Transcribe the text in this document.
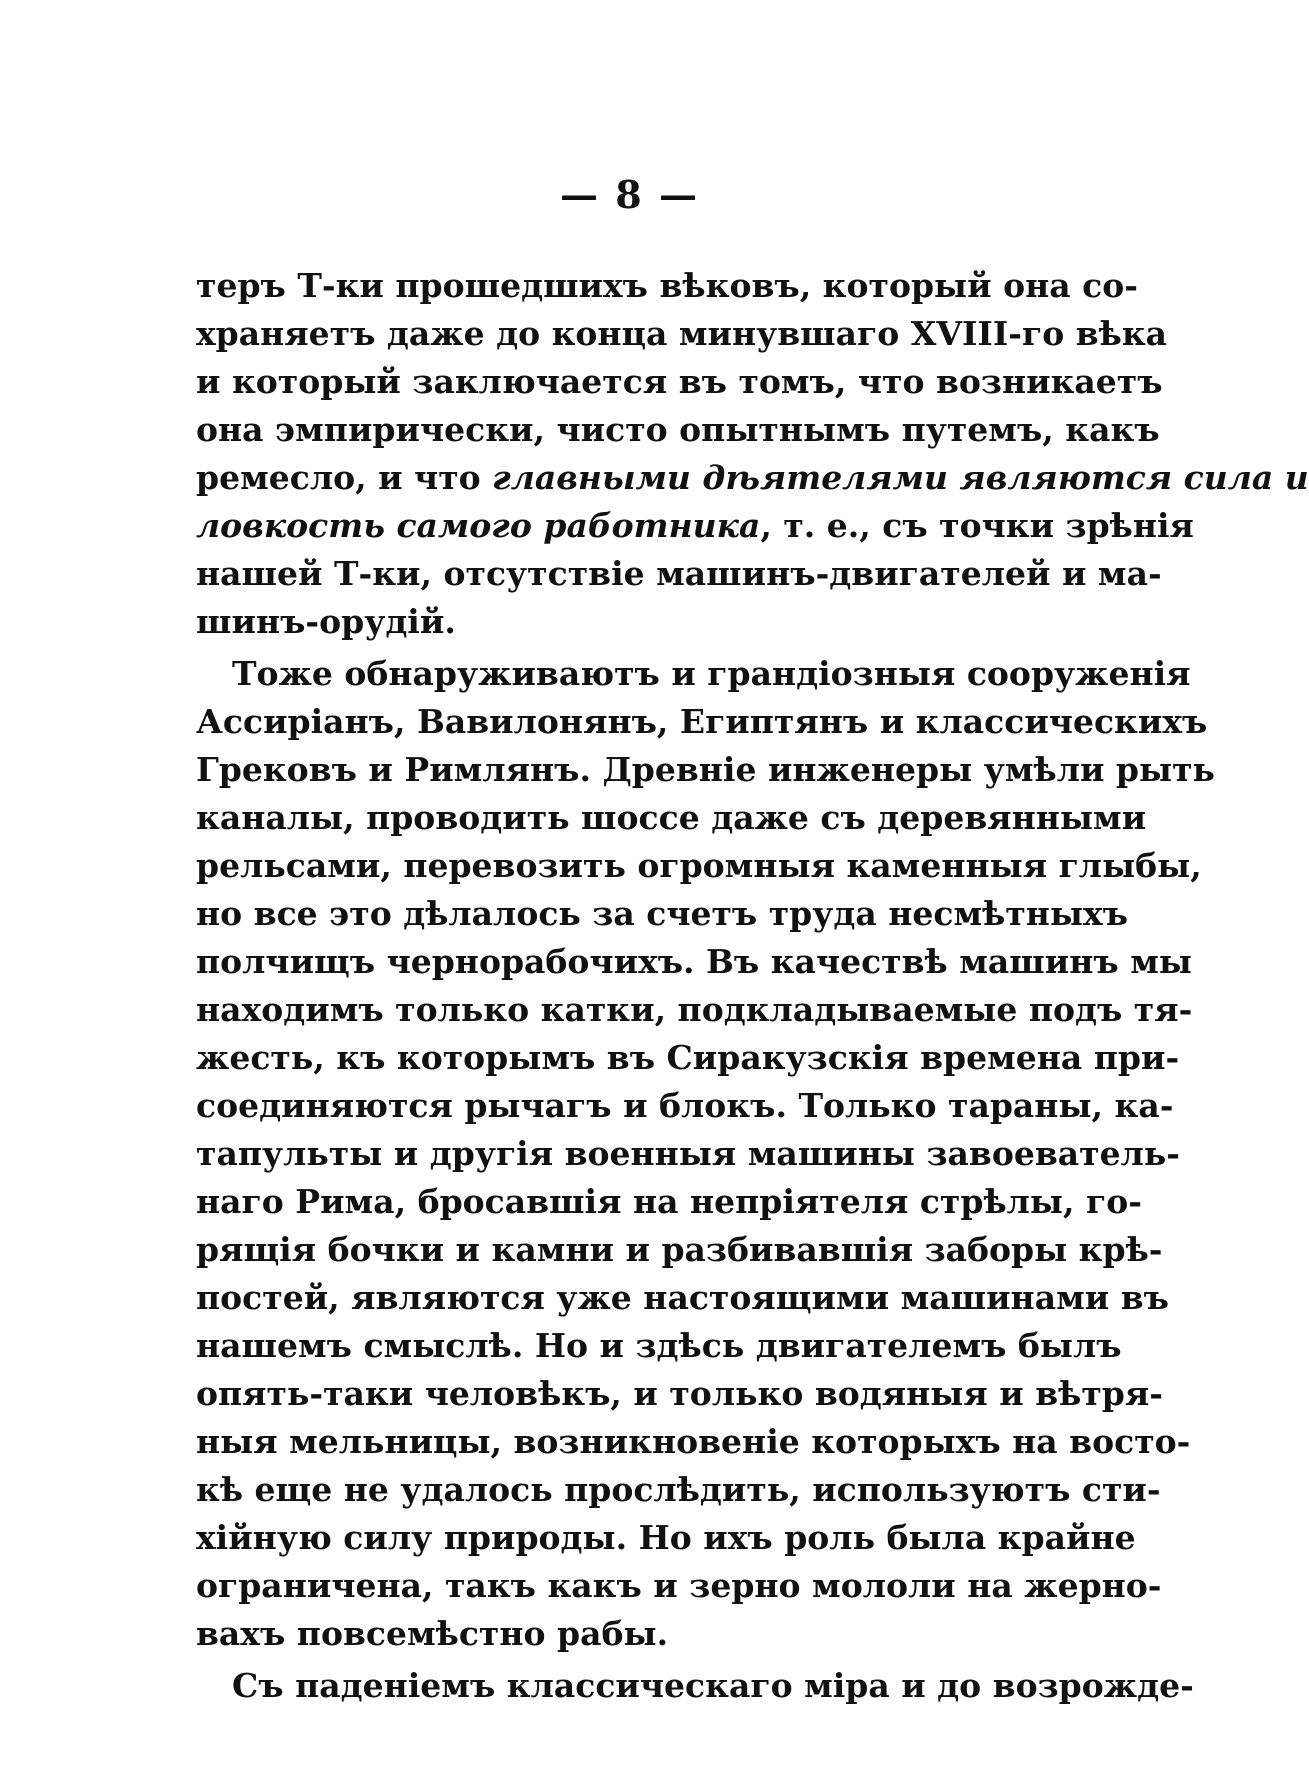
— 8 —
теръ Т-ки прошедшихъ вѣковъ, который она со-
храняетъ даже до конца минувшаго XVIII-го вѣка
и который заключается въ томъ, что возникаетъ
она эмпирически, чисто опытнымъ путемъ, какъ
ремесло, и что главными дѣятелями являются сила и
ловкость самого работника, т. е., съ точки зрѣнія
нашей Т-ки, отсутствіе машинъ-двигателей и ма-
шинъ-орудій.
Тоже обнаруживаютъ и грандіозныя сооруженія
Ассиріанъ, Вавилонянъ, Египтянъ и классическихъ
Грековъ и Римлянъ. Древніе инженеры умѣли рыть
каналы, проводить шоссе даже съ деревянными
рельсами, перевозить огромныя каменныя глыбы,
но все это дѣлалось за счетъ труда несмѣтныхъ
полчищъ чернорабочихъ. Въ качествѣ машинъ мы
находимъ только катки, подкладываемые подъ тя-
жесть, къ которымъ въ Сиракузскія времена при-
соединяются рычагъ и блокъ. Только тараны, ка-
тапульты и другія военныя машины завоеватель-
наго Рима, бросавшія на непріятеля стрѣлы, го-
рящія бочки и камни и разбивавшія заборы крѣ-
постей, являются уже настоящими машинами въ
нашемъ смыслѣ. Но и здѣсь двигателемъ былъ
опять-таки человѣкъ, и только водяныя и вѣтря-
ныя мельницы, возникновеніе которыхъ на восто-
кѣ еще не удалось прослѣдить, используютъ сти-
хійную силу природы. Но ихъ роль была крайне
ограничена, такъ какъ и зерно мололи на жерно-
вахъ повсемѣстно рабы.
Съ паденіемъ классическаго міра и до возрожде-
